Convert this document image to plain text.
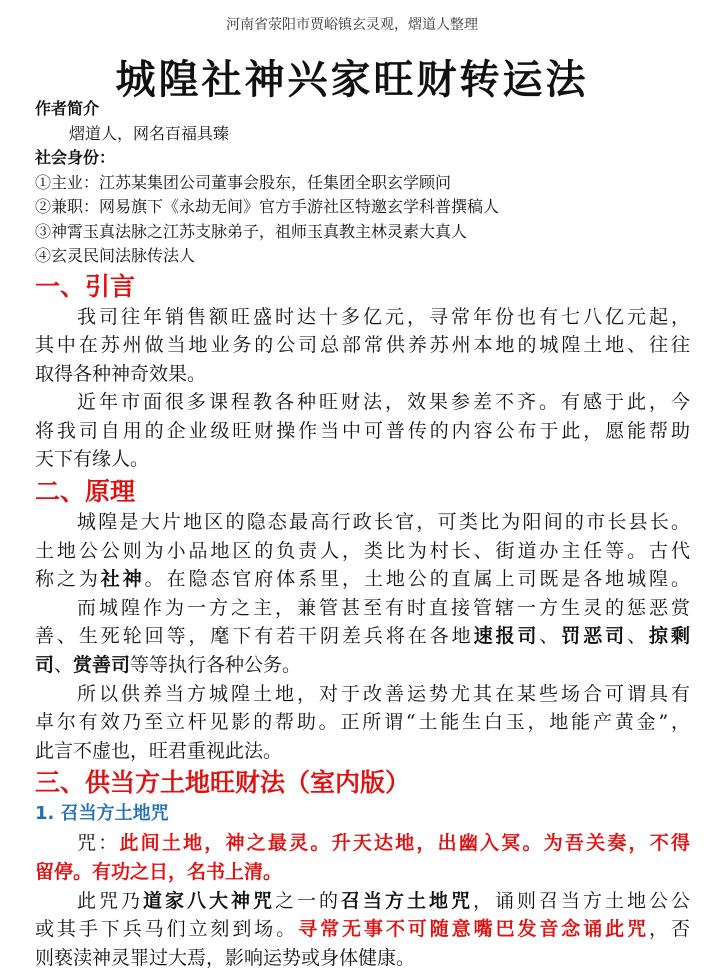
河南省荥阳市贾峪镇玄灵观，熠道人整理
城隍社神兴家旺财转运法
作者简介
熠道人，网名百福具臻
社会身份：
①主业：江苏某集团公司董事会股东，任集团全职玄学顾问
②兼职：网易旗下《永劫无间》官方手游社区特邀玄学科普撰稿人
③神霄玉真法脉之江苏支脉弟子，祖师玉真教主林灵素大真人
④玄灵民间法脉传法人
一、引言
我司往年销售额旺盛时达十多亿元，寻常年份也有七八亿元起，
其中在苏州做当地业务的公司总部常供养苏州本地的城隍土地、往往
取得各种神奇效果。
近年市面很多课程教各种旺财法，效果参差不齐。有感于此，今
将我司自用的企业级旺财操作当中可普传的内容公布于此，愿能帮助
天下有缘人。
二、原理
城隍是大片地区的隐态最高行政长官，可类比为阳间的市长县长。
土地公公则为小品地区的负责人，类比为村长、街道办主任等。古代
称之为社神。在隐态官府体系里，土地公的直属上司既是各地城隍。
而城隍作为一方之主，兼管甚至有时直接管辖一方生灵的惩恶赏
善、生死轮回等，麾下有若干阴差兵将在各地速报司、罚恶司、掠剩
司、赏善司等等执行各种公务。
所以供养当方城隍土地，对于改善运势尤其在某些场合可谓具有
卓尔有效乃至立杆见影的帮助。正所谓“土能生白玉，地能产黄金”，
此言不虚也，旺君重视此法。
三、供当方土地旺财法（室内版）
1. 召当方土地咒
咒：此间土地，神之最灵。升天达地，出幽入冥。为吾关奏，不得
留停。有功之日，名书上清。
此咒乃道家八大神咒之一的召当方土地咒，诵则召当方土地公公
或其手下兵马们立刻到场。寻常无事不可随意嘴巴发音念诵此咒，否
则亵渎神灵罪过大焉，影响运势或身体健康。
